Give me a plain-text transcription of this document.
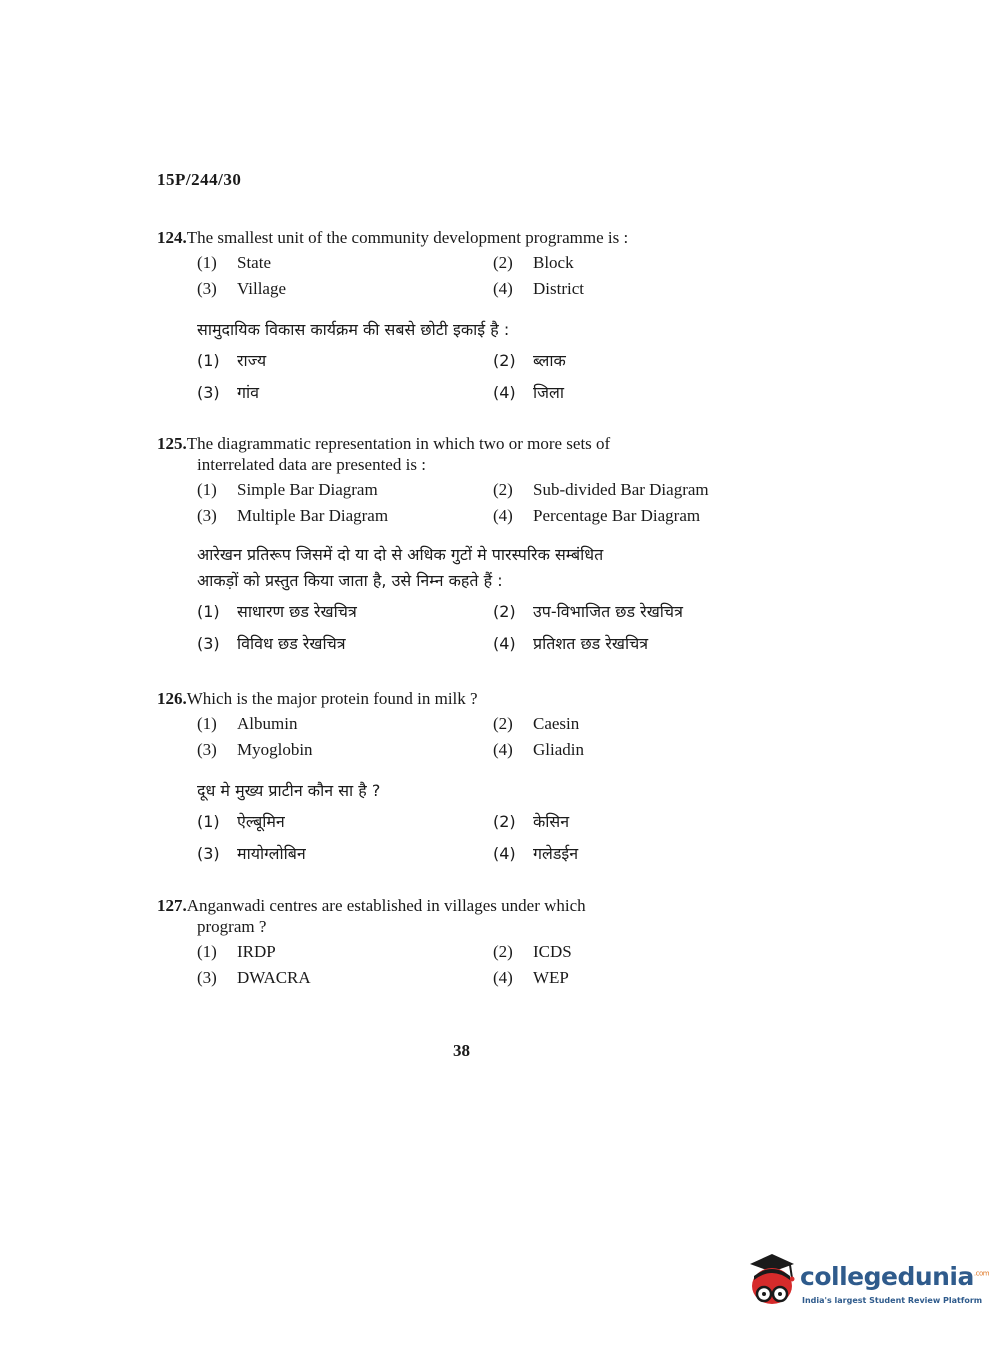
15P/244/30
124.The smallest unit of the community development programme is :
(1) State	(2) Block
(3) Village	(4) District
सामुदायिक विकास कार्यक्रम की सबसे छोटी इकाई है :
(1) राज्य	(2) ब्लाक
(3) गांव	(4) जिला
125.The diagrammatic representation in which two or more sets of
interrelated data are presented is :
(1) Simple Bar Diagram	(2) Sub-divided Bar Diagram
(3) Multiple Bar Diagram	(4) Percentage Bar Diagram
आरेखन प्रतिरूप जिसमें दो या दो से अधिक गुटों मे पारस्परिक सम्बंधित
आकड़ों को प्रस्तुत किया जाता है, उसे निम्न कहते हैं :
(1) साधारण छड रेखचित्र	(2) उप-विभाजित छड रेखचित्र
(3) विविध छड रेखचित्र	(4) प्रतिशत छड रेखचित्र
126.Which is the major protein found in milk ?
(1) Albumin	(2) Caesin
(3) Myoglobin	(4) Gliadin
दूध मे मुख्य प्राटीन कौन सा है ?
(1) ऐल्बूमिन	(2) केसिन
(3) मायोग्लोबिन	(4) गलेडईन
127.Anganwadi centres are established in villages under which
program ?
(1) IRDP	(2) ICDS
(3) DWACRA	(4) WEP
38
collegedunia$^{.com}$
India's largest Student Review Platform
